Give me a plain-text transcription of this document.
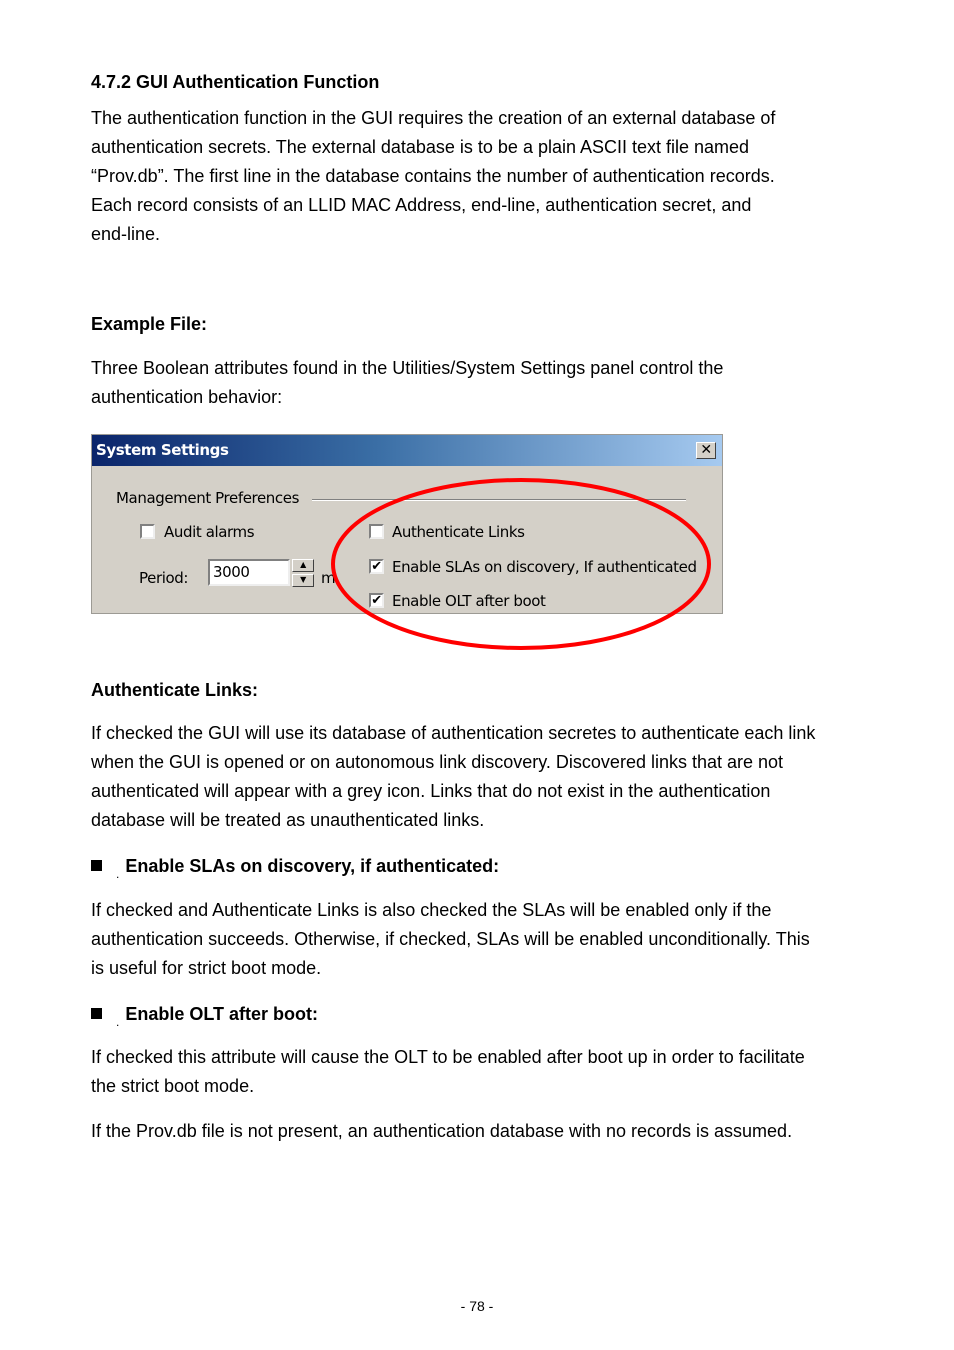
4.7.2 GUI Authentication Function
The authentication function in the GUI requires the creation of an external database of
authentication secrets. The external database is to be a plain ASCII text file named
“Prov.db”. The first line in the database contains the number of authentication records.
Each record consists of an LLID MAC Address, end-line, authentication secret, and
end-line.
Example File:
Three Boolean attributes found in the Utilities/System Settings panel control the
authentication behavior:
System Settings	✕
Management Preferences
Audit alarms
Period:	3000	▲
▼	m
Authenticate Links
✔ Enable SLAs on discovery, If authenticated
✔ Enable OLT after boot
Authenticate Links:
If checked the GUI will use its database of authentication secretes to authenticate each link
when the GUI is opened or on autonomous link discovery. Discovered links that are not
authenticated will appear with a grey icon. Links that do not exist in the authentication
database will be treated as unauthenticated links.
$_.$ Enable SLAs on discovery, if authenticated:
If checked and Authenticate Links is also checked the SLAs will be enabled only if the
authentication succeeds. Otherwise, if checked, SLAs will be enabled unconditionally. This
is useful for strict boot mode.
$_.$ Enable OLT after boot:
If checked this attribute will cause the OLT to be enabled after boot up in order to facilitate
the strict boot mode.
If the Prov.db file is not present, an authentication database with no records is assumed.
- 78 -
